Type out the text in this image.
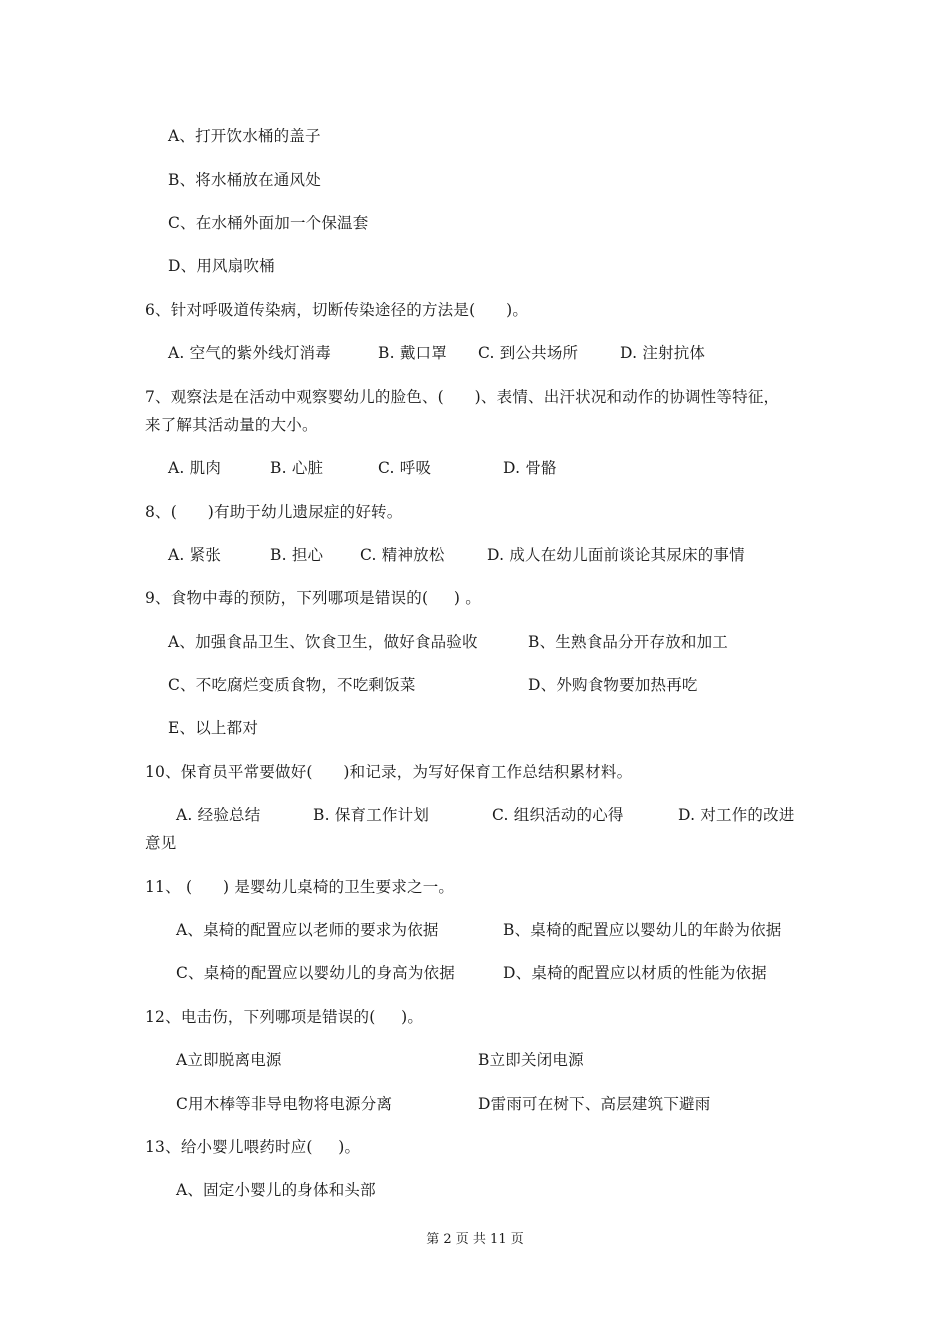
A、打开饮水桶的盖子
B、将水桶放在通风处
C、在水桶外面加一个保温套
D、用风扇吹桶
6、针对呼吸道传染病，切断传染途径的方法是(      )。
A. 空气的紫外线灯消毒	B. 戴口罩 C. 到公共场所	D. 注射抗体
7、观察法是在活动中观察婴幼儿的脸色、(      )、表情、出汗状况和动作的协调性等特征，
来了解其活动量的大小。
A. 肌肉	B. 心脏	C. 呼吸	D. 骨骼
8、(      )有助于幼儿遗尿症的好转。
A. 紧张	B. 担心 C. 精神放松	D. 成人在幼儿面前谈论其尿床的事情
9、食物中毒的预防，下列哪项是错误的(     ) 。
A、加强食品卫生、饮食卫生，做好食品验收	B、生熟食品分开存放和加工
C、不吃腐烂变质食物，不吃剩饭菜	D、外购食物要加热再吃
E、以上都对
10、保育员平常要做好(      )和记录，为写好保育工作总结积累材料。
A. 经验总结	B. 保育工作计划	C. 组织活动的心得	D. 对工作的改进
意见
11、 (      ) 是婴幼儿桌椅的卫生要求之一。
A、桌椅的配置应以老师的要求为依据	B、桌椅的配置应以婴幼儿的年龄为依据
C、桌椅的配置应以婴幼儿的身高为依据	D、桌椅的配置应以材质的性能为依据
12、电击伤，下列哪项是错误的(     )。
A立即脱离电源	B立即关闭电源
C用木棒等非导电物将电源分离	D雷雨可在树下、高层建筑下避雨
13、给小婴儿喂药时应(     )。
A、固定小婴儿的身体和头部
第 2 页 共 11 页
